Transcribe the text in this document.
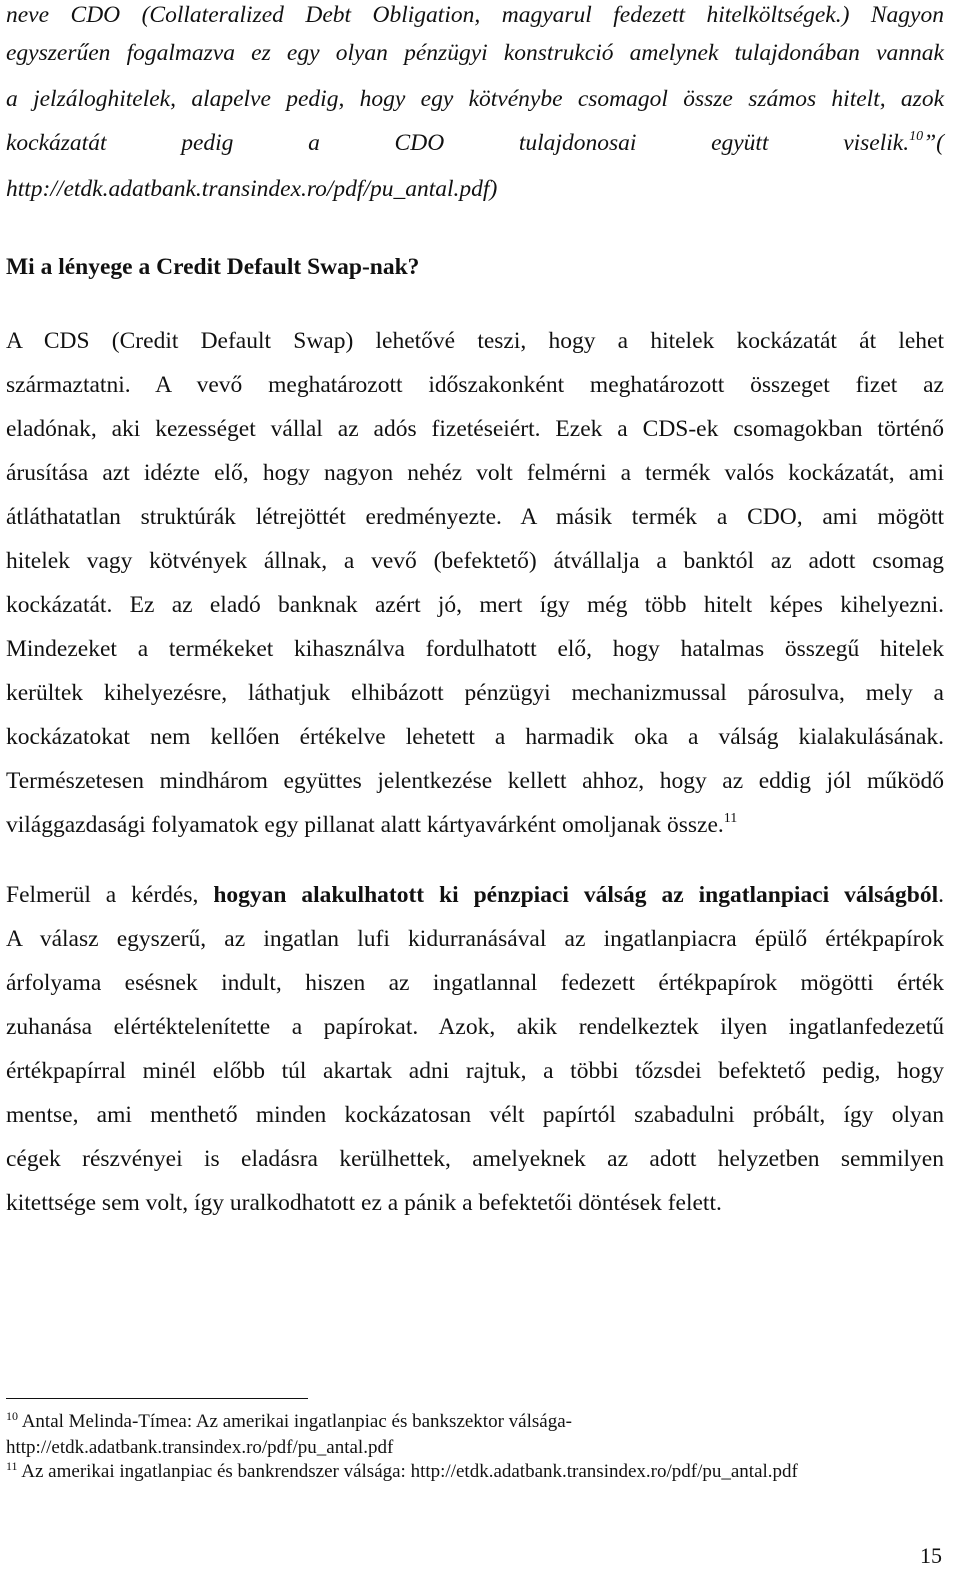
neve CDO (Collateralized Debt Obligation, magyarul fedezett hitelköltségek.) Nagyon
egyszerűen fogalmazva ez egy olyan pénzügyi konstrukció amelynek tulajdonában vannak
a jelzáloghitelek, alapelve pedig, hogy egy kötvénybe csomagol össze számos hitelt, azok
kockázatát pedig a CDO tulajdonosai együtt viselik.$^{10}$”(
http://etdk.adatbank.transindex.ro/pdf/pu_antal.pdf)
Mi a lényege a Credit Default Swap-nak?
A CDS (Credit Default Swap) lehetővé teszi, hogy a hitelek kockázatát át lehet
származtatni. A vevő meghatározott időszakonként meghatározott összeget fizet az
eladónak, aki kezességet vállal az adós fizetéseiért. Ezek a CDS-ek csomagokban történő
árusítása azt idézte elő, hogy nagyon nehéz volt felmérni a termék valós kockázatát, ami
átláthatatlan struktúrák létrejöttét eredményezte. A másik termék a CDO, ami mögött
hitelek vagy kötvények állnak, a vevő (befektető) átvállalja a banktól az adott csomag
kockázatát. Ez az eladó banknak azért jó, mert így még több hitelt képes kihelyezni.
Mindezeket a termékeket kihasználva fordulhatott elő, hogy hatalmas összegű hitelek
kerültek kihelyezésre, láthatjuk elhibázott pénzügyi mechanizmussal párosulva, mely a
kockázatokat nem kellően értékelve lehetett a harmadik oka a válság kialakulásának.
Természetesen mindhárom együttes jelentkezése kellett ahhoz, hogy az eddig jól működő
világgazdasági folyamatok egy pillanat alatt kártyavárként omoljanak össze.$^{11}$
Felmerül a kérdés, hogyan alakulhatott ki pénzpiaci válság az ingatlanpiaci válságból.
A válasz egyszerű, az ingatlan lufi kidurranásával az ingatlanpiacra épülő értékpapírok
árfolyama esésnek indult, hiszen az ingatlannal fedezett értékpapírok mögötti érték
zuhanása elértéktelenítette a papírokat. Azok, akik rendelkeztek ilyen ingatlanfedezetű
értékpapírral minél előbb túl akartak adni rajtuk, a többi tőzsdei befektető pedig, hogy
mentse, ami menthető minden kockázatosan vélt papírtól szabadulni próbált, így olyan
cégek részvényei is eladásra kerülhettek, amelyeknek az adott helyzetben semmilyen
kitettsége sem volt, így uralkodhatott ez a pánik a befektetői döntések felett.
$^{10}$ Antal Melinda-Tímea: Az amerikai ingatlanpiac és bankszektor válsága-
http://etdk.adatbank.transindex.ro/pdf/pu_antal.pdf
$^{11}$ Az amerikai ingatlanpiac és bankrendszer válsága: http://etdk.adatbank.transindex.ro/pdf/pu_antal.pdf
15
